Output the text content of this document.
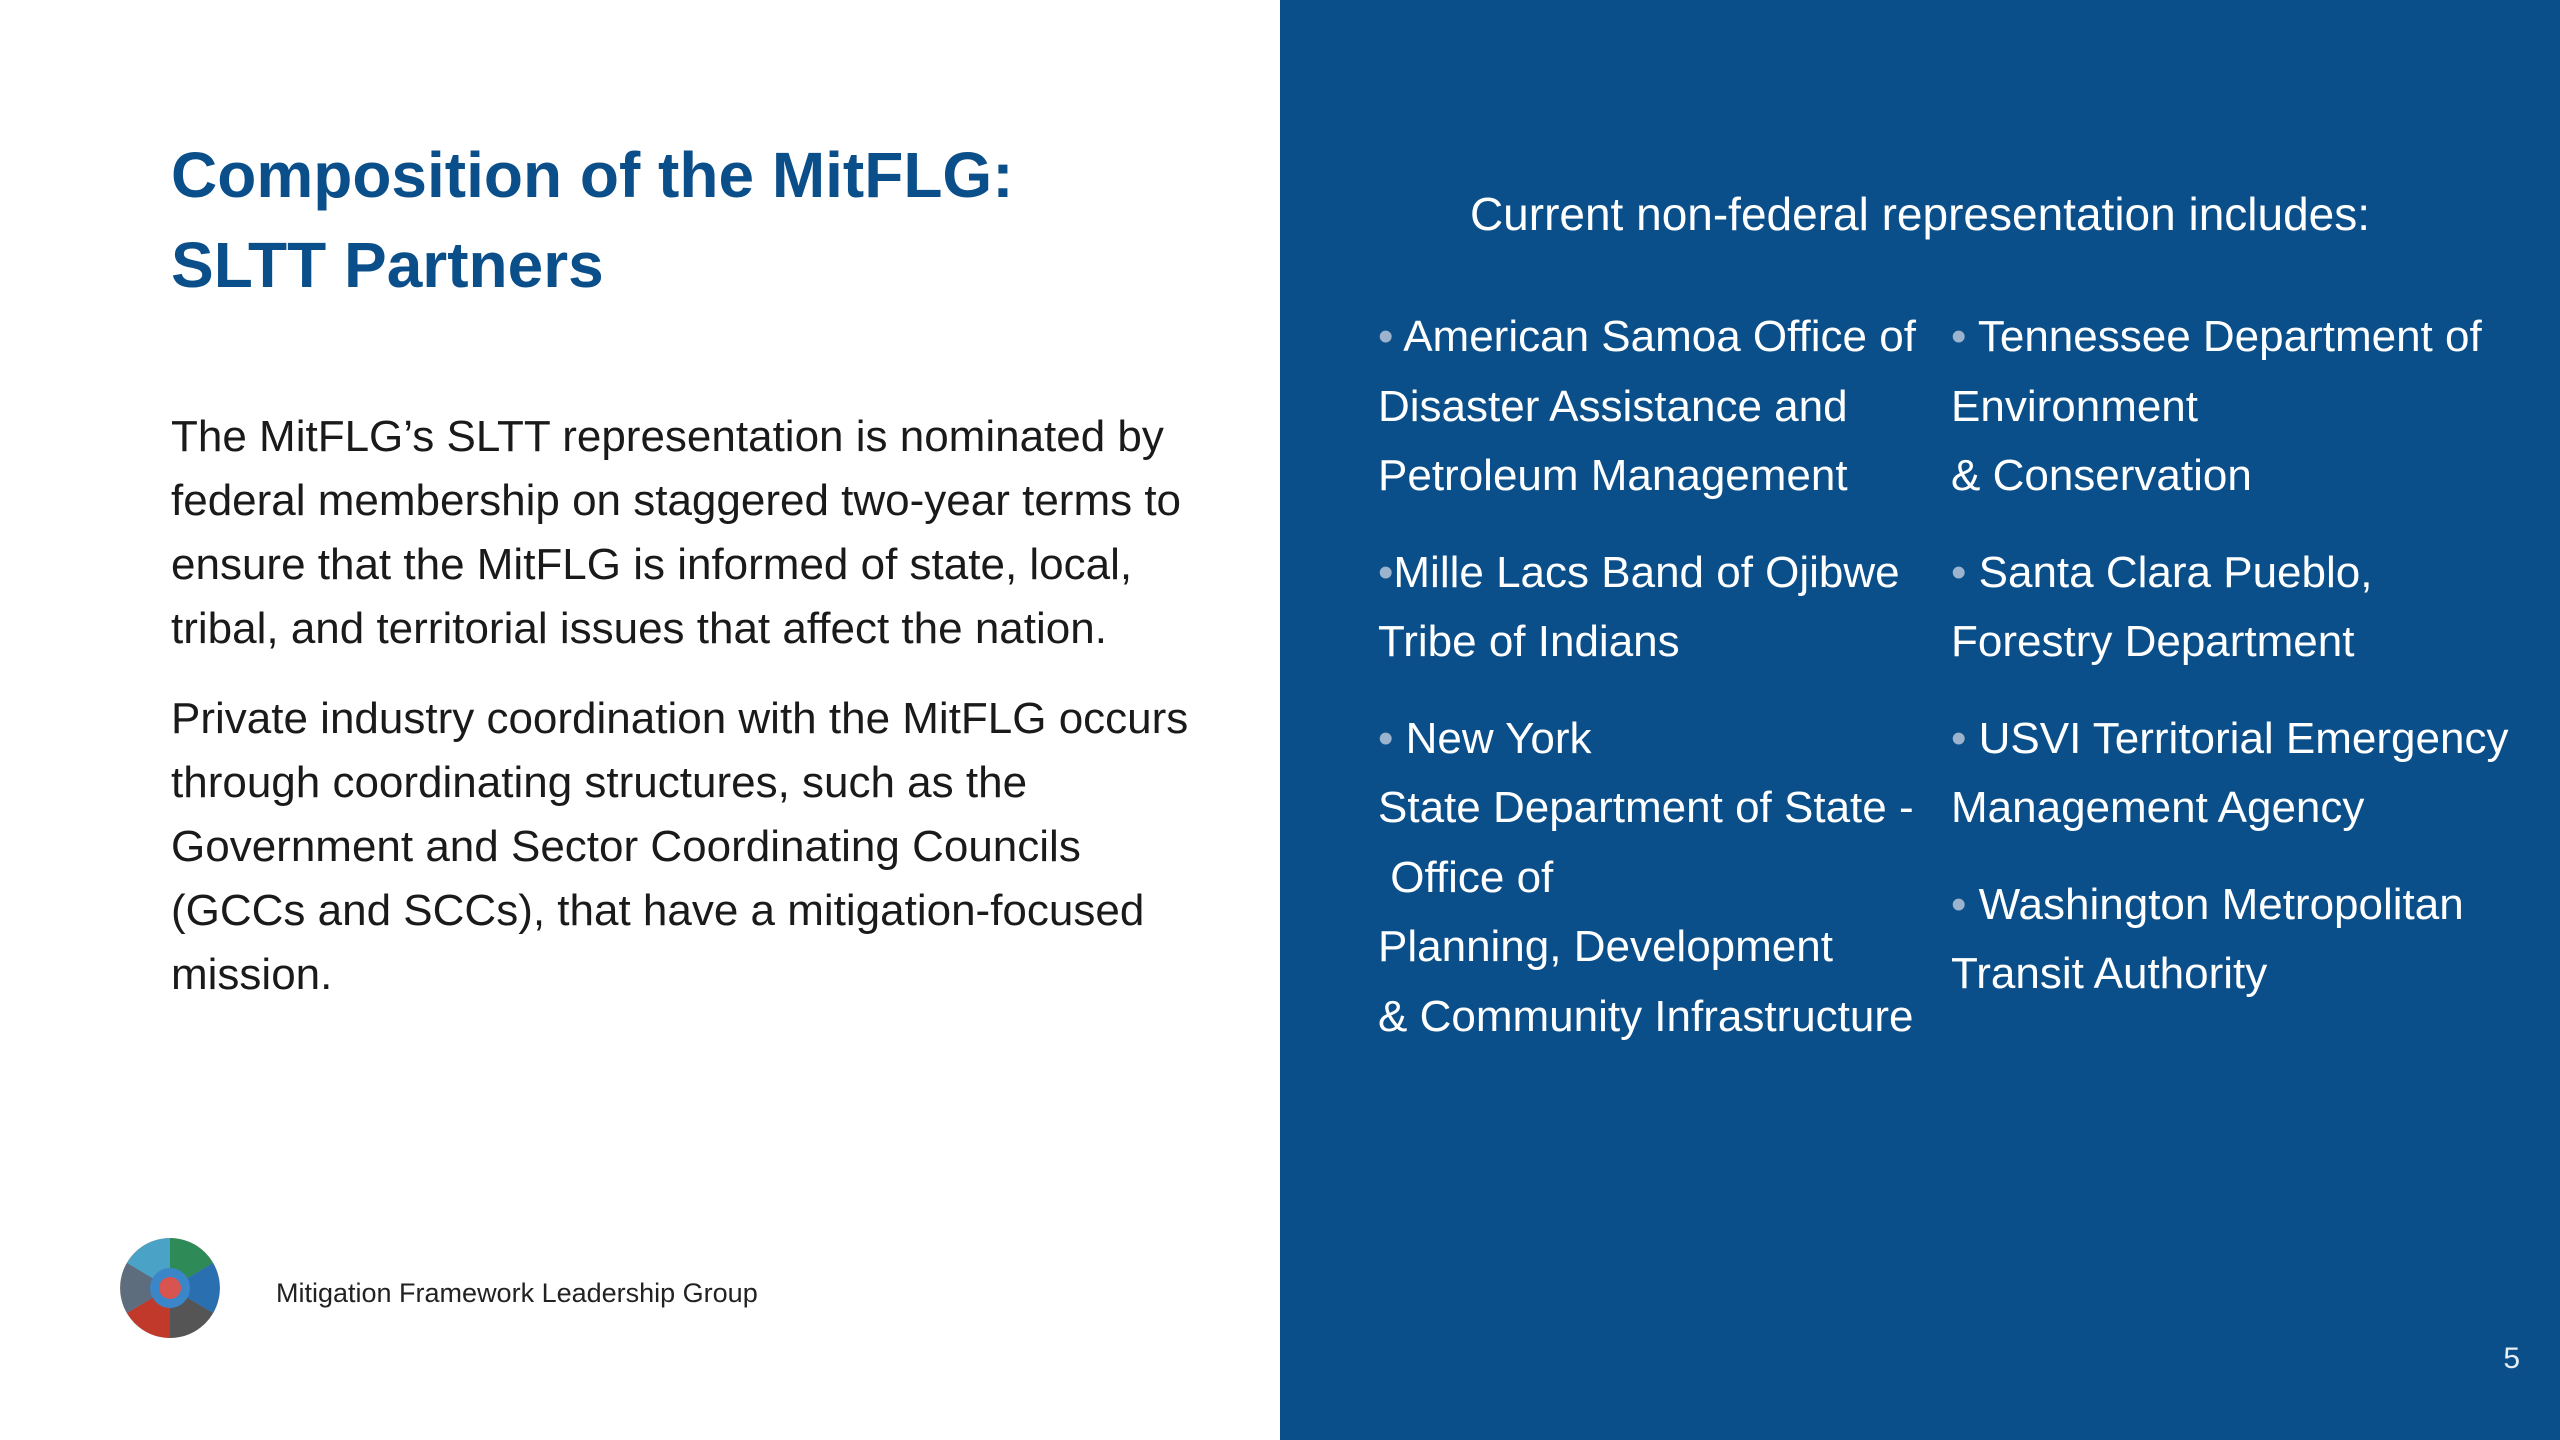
Composition of the MitFLG:
SLTT Partners

The MitFLG’s SLTT representation is nominated by federal membership on staggered two-year terms to ensure that the MitFLG is informed of state, local, tribal, and territorial issues that affect the nation.

Private industry coordination with the MitFLG occurs through coordinating structures, such as the Government and Sector Coordinating Councils (GCCs and SCCs), that have a mitigation-focused mission.

Mitigation Framework Leadership Group
Current non-federal representation includes:
• American Samoa Office of
Disaster Assistance and
Petroleum Management
•Mille Lacs Band of Ojibwe
Tribe of Indians
• New York
State Department of State -
Office of
Planning, Development
& Community Infrastructure
• Tennessee Department of
Environment
& Conservation
• Santa Clara Pueblo,
Forestry Department
• USVI Territorial Emergency
Management Agency
• Washington Metropolitan
Transit Authority
5
